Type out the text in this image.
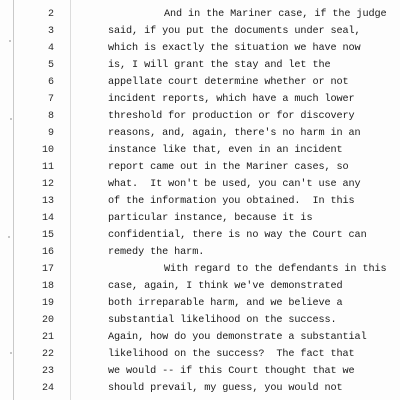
2	And in the Mariner case, if the judge
3	said, if you put the documents under seal,
4	which is exactly the situation we have now
5	is, I will grant the stay and let the
6	appellate court determine whether or not
7	incident reports, which have a much lower
8	threshold for production or for discovery
9	reasons, and, again, there's no harm in an
10	instance like that, even in an incident
11	report came out in the Mariner cases, so
12	what.  It won't be used, you can't use any
13	of the information you obtained.  In this
14	particular instance, because it is
15	confidential, there is no way the Court can
16	remedy the harm.
17	With regard to the defendants in this
18	case, again, I think we've demonstrated
19	both irreparable harm, and we believe a
20	substantial likelihood on the success.
21	Again, how do you demonstrate a substantial
22	likelihood on the success?  The fact that
23	we would -- if this Court thought that we
24	should prevail, my guess, you would not
